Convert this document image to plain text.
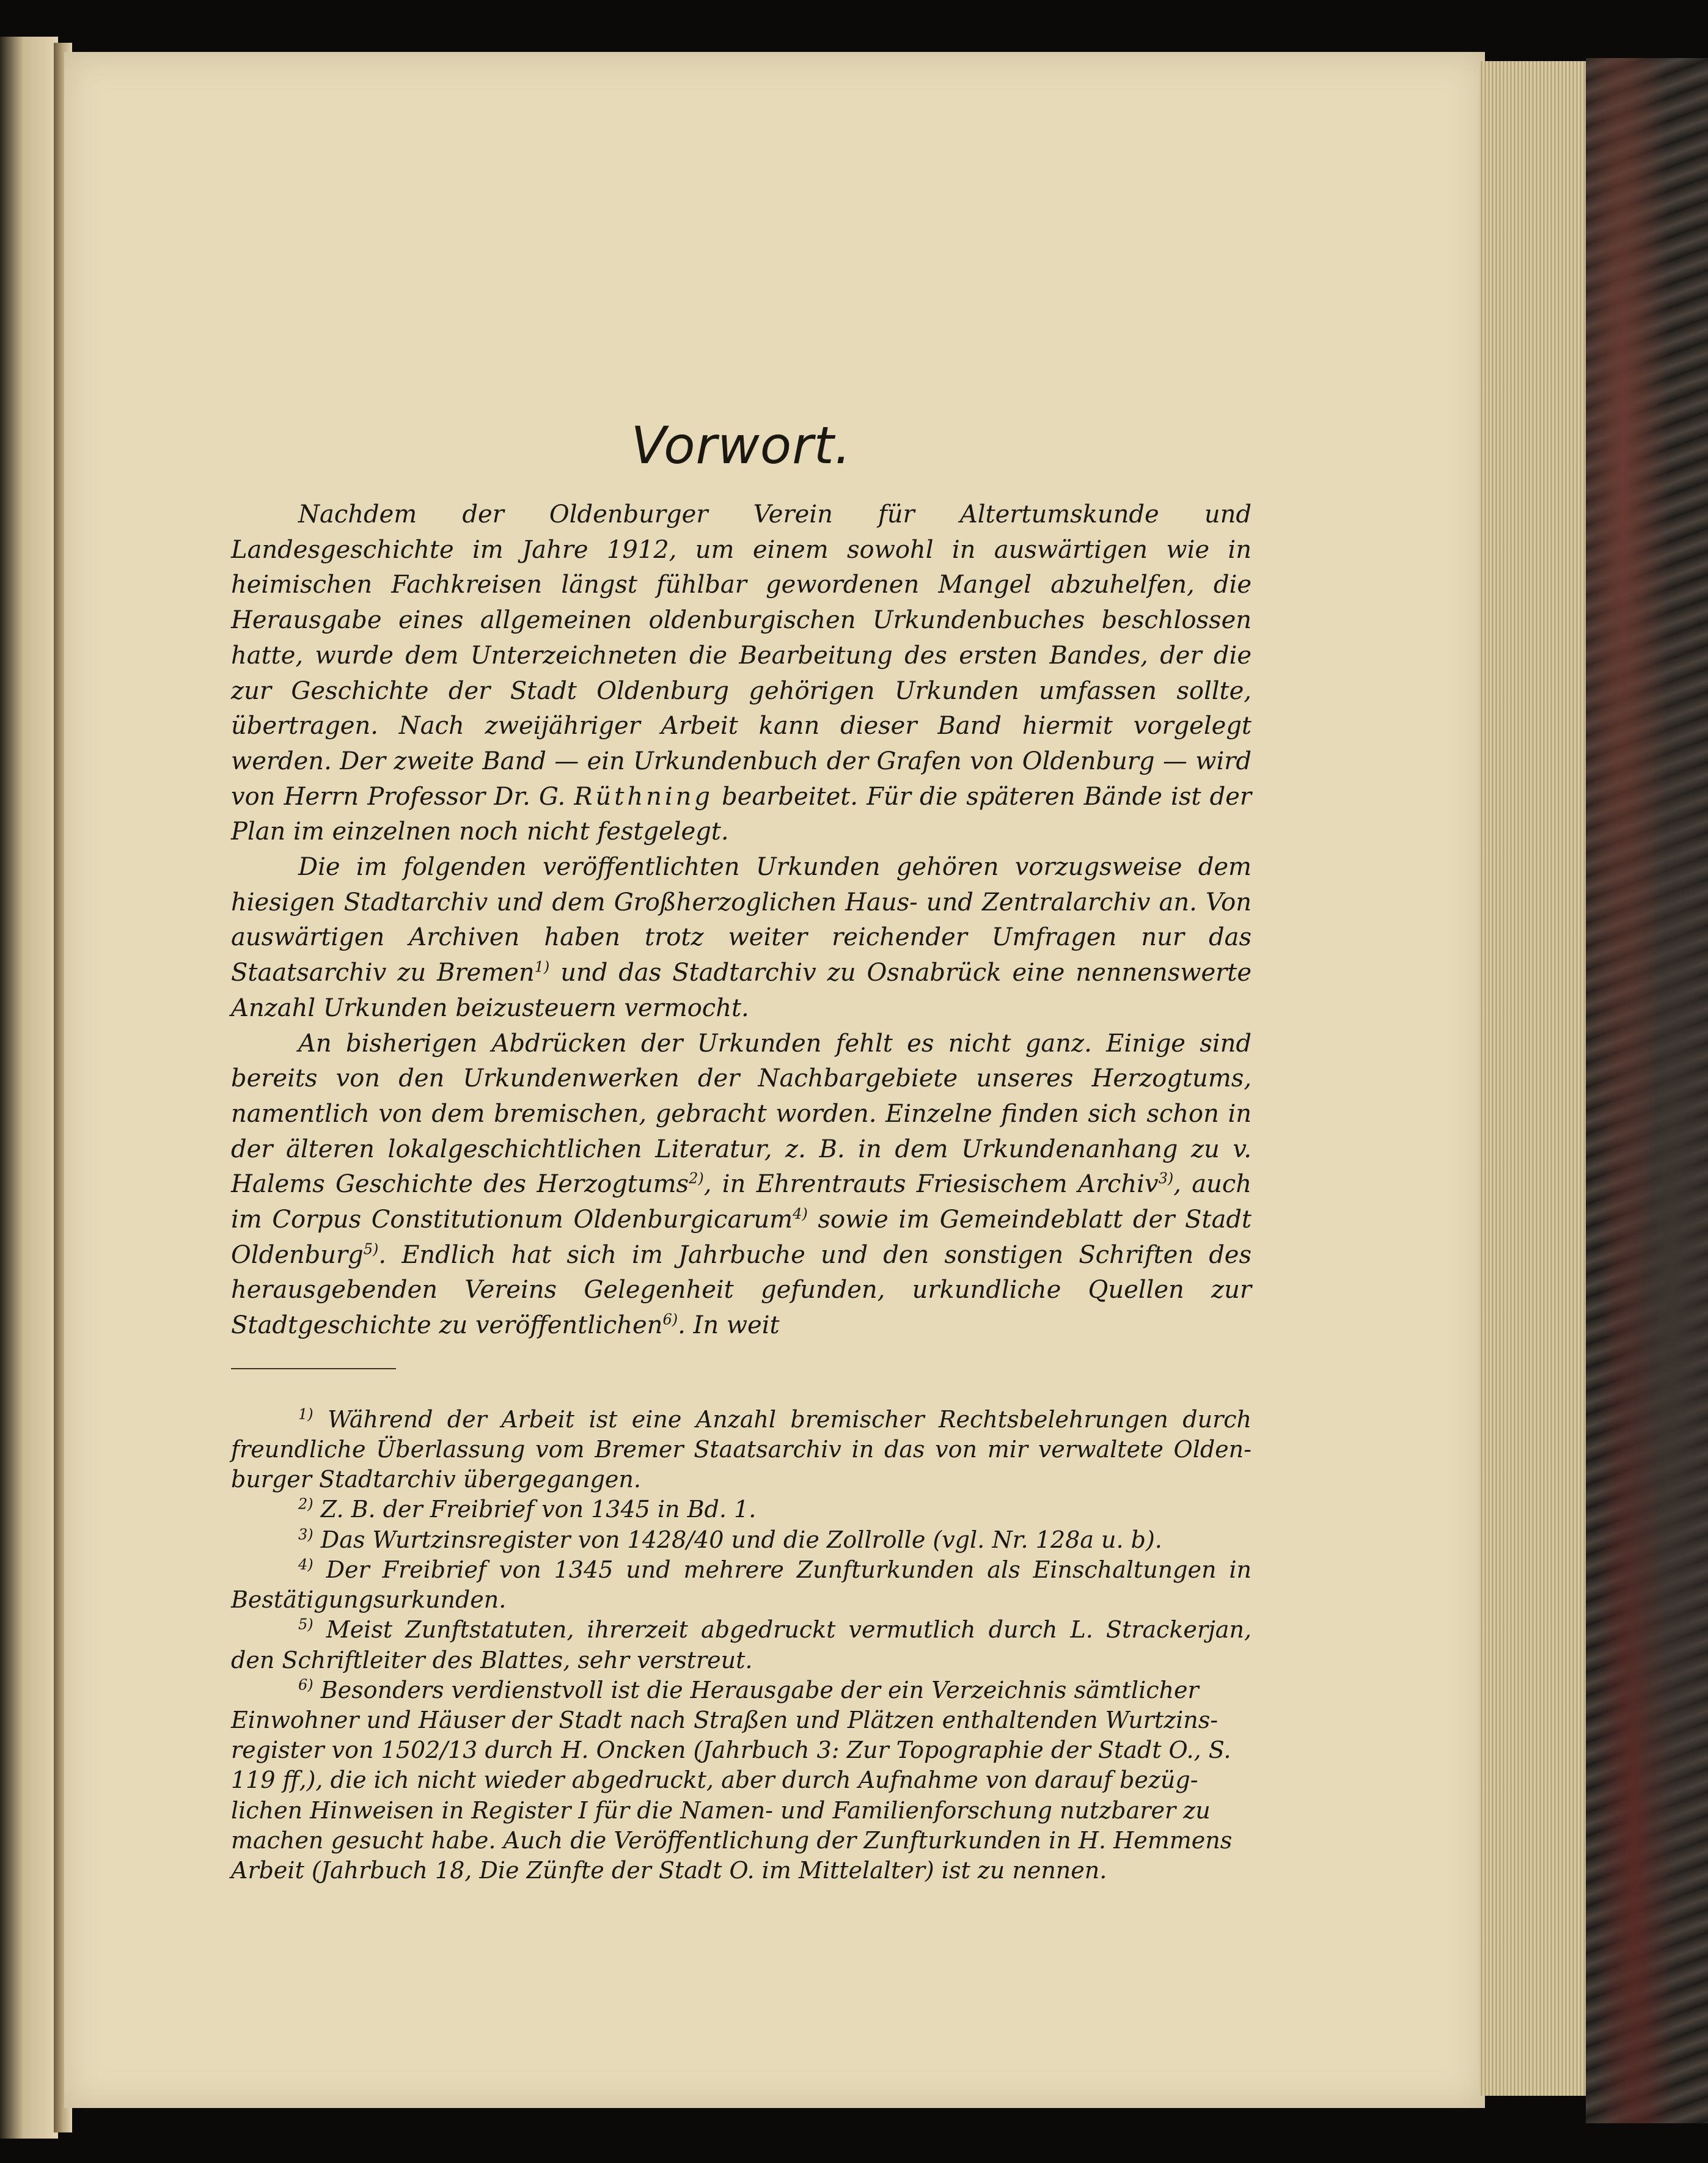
Vorwort.

Nachdem der Oldenburger Verein für Altertumskunde und Landesgeschichte im Jahre 1912, um einem sowohl in auswärtigen wie in heimischen Fachkreisen längst fühlbar gewordenen Mangel abzuhelfen, die Herausgabe eines allgemeinen oldenburgischen Urkundenbuches beschlossen hatte, wurde dem Unterzeichneten die Bearbeitung des ersten Bandes, der die zur Geschichte der Stadt Oldenburg gehörigen Urkunden umfassen sollte, übertragen. Nach zweijähriger Arbeit kann dieser Band hiermit vorgelegt werden. Der zweite Band — ein Urkundenbuch der Grafen von Oldenburg — wird von Herrn Professor Dr. G. Rüthning bearbeitet. Für die späteren Bände ist der Plan im einzelnen noch nicht festgelegt.

Die im folgenden veröffentlichten Urkunden gehören vorzugsweise dem hiesigen Stadtarchiv und dem Großherzoglichen Haus- und Zentralarchiv an. Von auswärtigen Archiven haben trotz weiter reichender Umfragen nur das Staatsarchiv zu Bremen$^{1)}$ und das Stadtarchiv zu Osnabrück eine nennenswerte Anzahl Urkunden beizusteuern vermocht.

An bisherigen Abdrücken der Urkunden fehlt es nicht ganz. Einige sind bereits von den Urkundenwerken der Nachbargebiete unseres Herzogtums, namentlich von dem bremischen, gebracht worden. Einzelne finden sich schon in der älteren lokalgeschichtlichen Literatur, z. B. in dem Urkundenanhang zu v. Halems Geschichte des Herzogtums$^{2)}$, in Ehrentrauts Friesischem Archiv$^{3)}$, auch im Corpus Constitutionum Oldenburgicarum$^{4)}$ sowie im Gemeindeblatt der Stadt Oldenburg$^{5)}$. Endlich hat sich im Jahrbuche und den sonstigen Schriften des herausgebenden Vereins Gelegenheit gefunden, urkundliche Quellen zur Stadtgeschichte zu veröffentlichen$^{6)}$. In weit

$^{1)}$ Während der Arbeit ist eine Anzahl bremischer Rechtsbelehrungen durch freundliche Überlassung vom Bremer Staatsarchiv in das von mir verwaltete Oldenburger Stadtarchiv übergegangen.

$^{2)}$ Z. B. der Freibrief von 1345 in Bd. 1.

$^{3)}$ Das Wurtzinsregister von 1428/40 und die Zollrolle (vgl. Nr. 128a u. b).

$^{4)}$ Der Freibrief von 1345 und mehrere Zunfturkunden als Einschaltungen in Bestätigungsurkunden.

$^{5)}$ Meist Zunftstatuten, ihrerzeit abgedruckt vermutlich durch L. Strackerjan, den Schriftleiter des Blattes, sehr verstreut.

$^{6)}$ Besonders verdienstvoll ist die Herausgabe der ein Verzeichnis sämtlicher Einwohner und Häuser der Stadt nach Straßen und Plätzen enthaltenden Wurtzinsregister von 1502/13 durch H. Oncken (Jahrbuch 3: Zur Topographie der Stadt O., S. 119 ff,), die ich nicht wieder abgedruckt, aber durch Aufnahme von darauf bezüglichen Hinweisen in Register I für die Namen- und Familienforschung nutzbarer zu machen gesucht habe. Auch die Veröffentlichung der Zunfturkunden in H. Hemmens Arbeit (Jahrbuch 18, Die Zünfte der Stadt O. im Mittelalter) ist zu nennen.
